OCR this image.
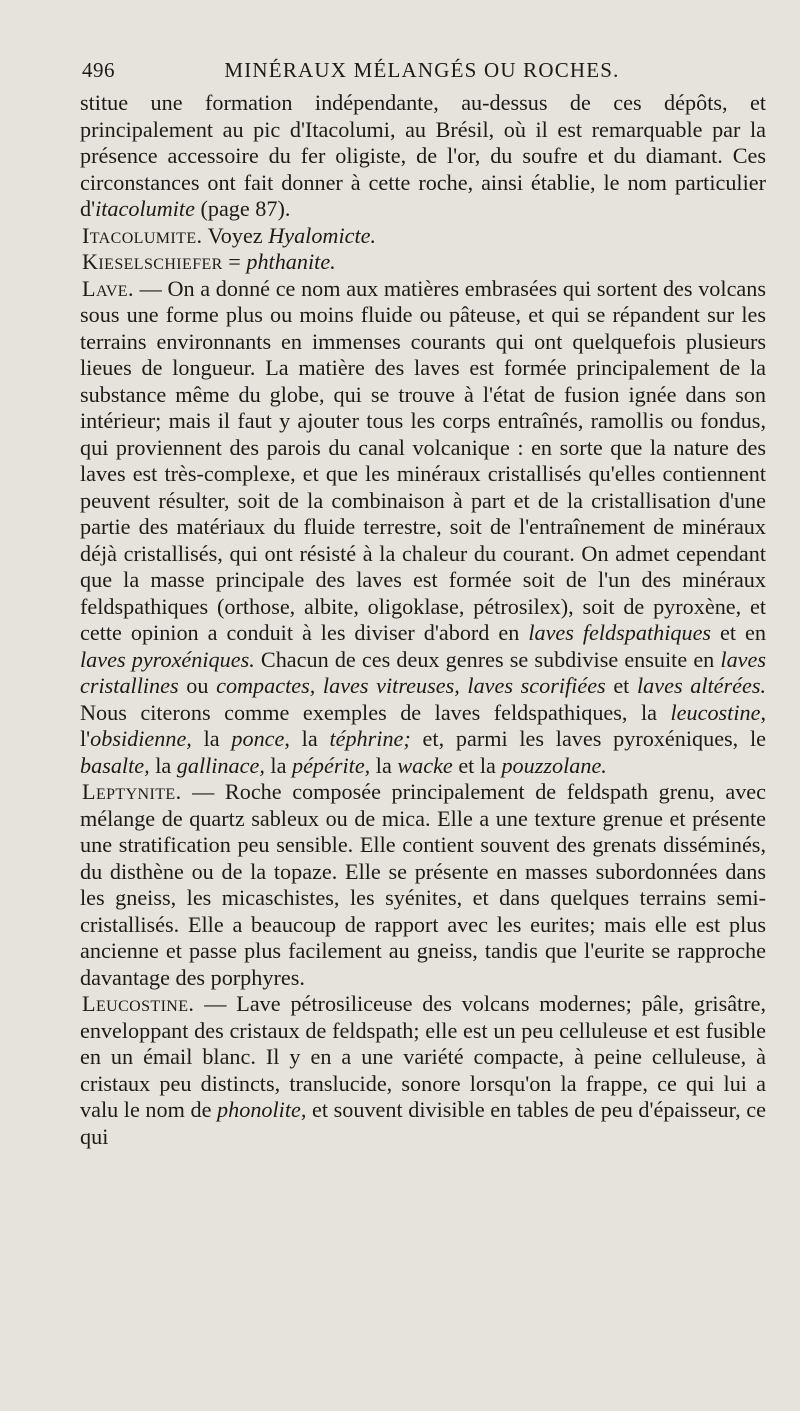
496	MINÉRAUX MÉLANGÉS OU ROCHES.

stitue une formation indépendante, au-dessus de ces dépôts, et principalement au pic d'Itacolumi, au Brésil, où il est remarquable par la présence accessoire du fer oligiste, de l'or, du soufre et du diamant. Ces circonstances ont fait donner à cette roche, ainsi établie, le nom particulier d'itacolumite (page 87).

Itacolumite. Voyez Hyalomicte.

Kieselschiefer = phthanite.

Lave. — On a donné ce nom aux matières embrasées qui sortent des volcans sous une forme plus ou moins fluide ou pâteuse, et qui se répandent sur les terrains environnants en immenses courants qui ont quelquefois plusieurs lieues de longueur. La matière des laves est formée principalement de la substance même du globe, qui se trouve à l'état de fusion ignée dans son intérieur; mais il faut y ajouter tous les corps entraînés, ramollis ou fondus, qui proviennent des parois du canal volcanique : en sorte que la nature des laves est très-complexe, et que les minéraux cristallisés qu'elles contiennent peuvent résulter, soit de la combinaison à part et de la cristallisation d'une partie des matériaux du fluide terrestre, soit de l'entraînement de minéraux déjà cristallisés, qui ont résisté à la chaleur du courant. On admet cependant que la masse principale des laves est formée soit de l'un des minéraux feldspathiques (orthose, albite, oligoklase, pétrosilex), soit de pyroxène, et cette opinion a conduit à les diviser d'abord en laves feldspathiques et en laves pyroxéniques. Chacun de ces deux genres se subdivise ensuite en laves cristallines ou compactes, laves vitreuses, laves scorifiées et laves altérées. Nous citerons comme exemples de laves feldspathiques, la leucostine, l'obsidienne, la ponce, la téphrine; et, parmi les laves pyroxéniques, le basalte, la gallinace, la pépérite, la wacke et la pouzzolane.

Leptynite. — Roche composée principalement de feldspath grenu, avec mélange de quartz sableux ou de mica. Elle a une texture grenue et présente une stratification peu sensible. Elle contient souvent des grenats disséminés, du disthène ou de la topaze. Elle se présente en masses subordonnées dans les gneiss, les micaschistes, les syénites, et dans quelques terrains semi-cristallisés. Elle a beaucoup de rapport avec les eurites; mais elle est plus ancienne et passe plus facilement au gneiss, tandis que l'eurite se rapproche davantage des porphyres.

Leucostine. — Lave pétrosiliceuse des volcans modernes; pâle, grisâtre, enveloppant des cristaux de feldspath; elle est un peu celluleuse et est fusible en un émail blanc. Il y en a une variété compacte, à peine celluleuse, à cristaux peu distincts, translucide, sonore lorsqu'on la frappe, ce qui lui a valu le nom de phonolite, et souvent divisible en tables de peu d'épaisseur, ce qui
